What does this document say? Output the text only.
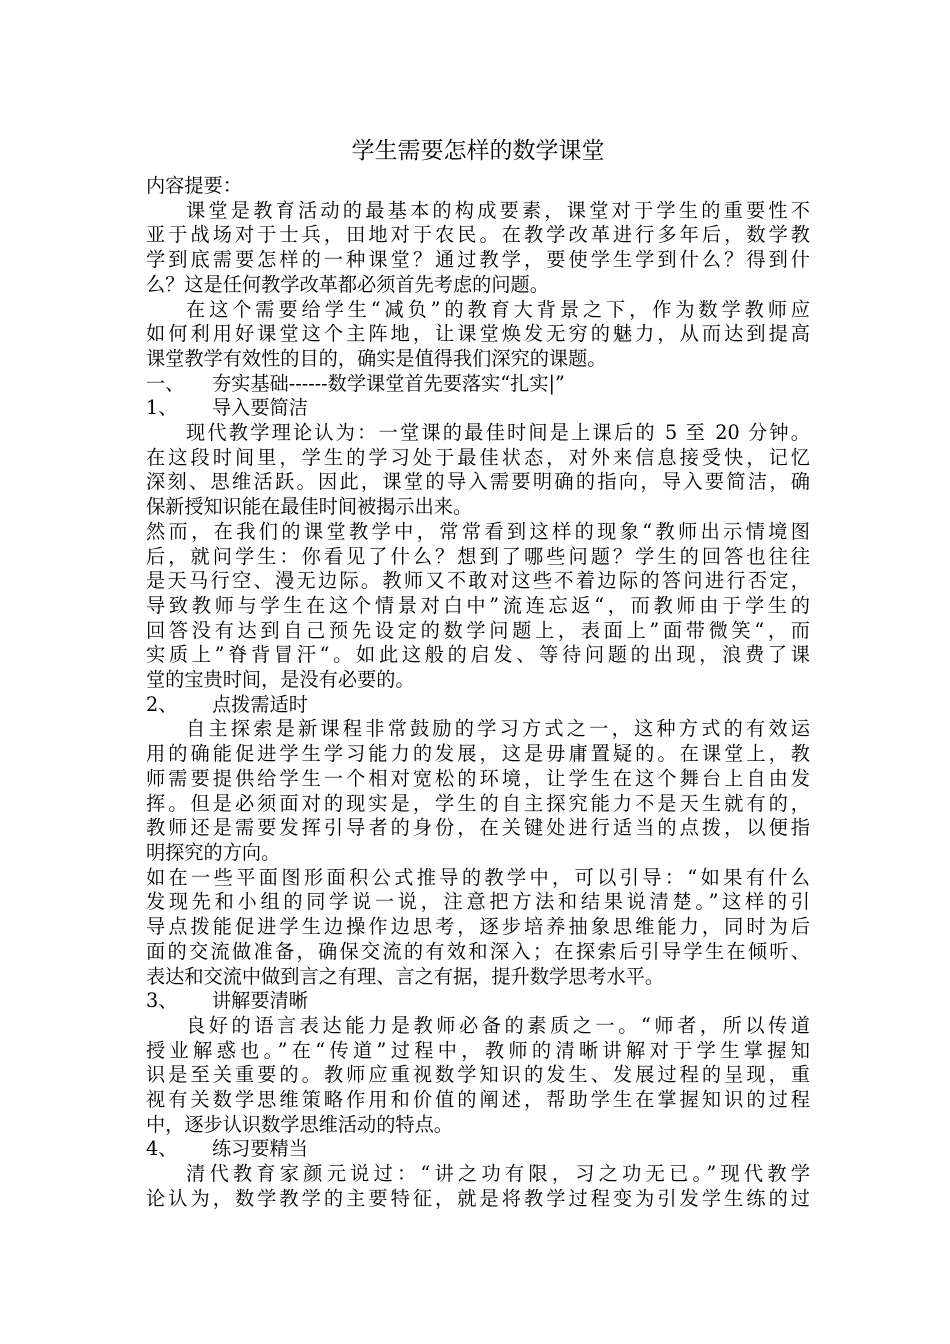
学生需要怎样的数学课堂

内容提要：

课堂是教育活动的最基本的构成要素，课堂对于学生的重要性不

亚于战场对于士兵，田地对于农民。在教学改革进行多年后，数学教

学到底需要怎样的一种课堂？通过教学，要使学生学到什么？得到什

么？这是任何教学改革都必须首先考虑的问题。

在这个需要给学生“减负”的教育大背景之下，作为数学教师应

如何利用好课堂这个主阵地，让课堂焕发无穷的魅力，从而达到提高

课堂教学有效性的目的，确实是值得我们深究的课题。

一、 夯实基础------数学课堂首先要落实“扎实|”

1、 导入要简洁

现代教学理论认为：一堂课的最佳时间是上课后的 5 至 20 分钟。

在这段时间里，学生的学习处于最佳状态，对外来信息接受快，记忆

深刻、思维活跃。因此，课堂的导入需要明确的指向，导入要简洁，确

保新授知识能在最佳时间被揭示出来。

然而，在我们的课堂教学中，常常看到这样的现象“教师出示情境图

后，就问学生：你看见了什么？想到了哪些问题？学生的回答也往往

是天马行空、漫无边际。教师又不敢对这些不着边际的答问进行否定，

导致教师与学生在这个情景对白中”流连忘返“，而教师由于学生的

回答没有达到自己预先设定的数学问题上，表面上”面带微笑“，而

实质上”脊背冒汗“。如此这般的启发、等待问题的出现，浪费了课

堂的宝贵时间，是没有必要的。

2、 点拨需适时

自主探索是新课程非常鼓励的学习方式之一，这种方式的有效运

用的确能促进学生学习能力的发展，这是毋庸置疑的。在课堂上，教

师需要提供给学生一个相对宽松的环境，让学生在这个舞台上自由发

挥。但是必须面对的现实是，学生的自主探究能力不是天生就有的，

教师还是需要发挥引导者的身份，在关键处进行适当的点拨，以便指

明探究的方向。

如在一些平面图形面积公式推导的教学中，可以引导：“如果有什么

发现先和小组的同学说一说，注意把方法和结果说清楚。”这样的引

导点拨能促进学生边操作边思考，逐步培养抽象思维能力，同时为后

面的交流做准备，确保交流的有效和深入；在探索后引导学生在倾听、

表达和交流中做到言之有理、言之有据，提升数学思考水平。

3、 讲解要清晰

良好的语言表达能力是教师必备的素质之一。“师者，所以传道

授业解惑也。”在“传道”过程中，教师的清晰讲解对于学生掌握知

识是至关重要的。教师应重视数学知识的发生、发展过程的呈现，重

视有关数学思维策略作用和价值的阐述，帮助学生在掌握知识的过程

中，逐步认识数学思维活动的特点。

4、 练习要精当

清代教育家颜元说过：“讲之功有限，习之功无已。”现代教学

论认为，数学教学的主要特征，就是将教学过程变为引发学生练的过
